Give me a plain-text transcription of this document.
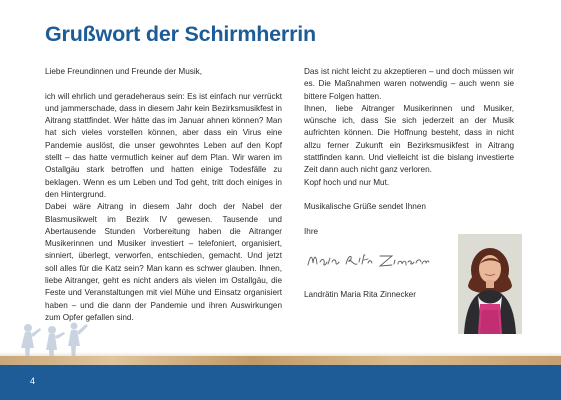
Grußwort der Schirmherrin

Liebe Freundinnen und Freunde der Musik,

ich will ehrlich und geradeheraus sein: Es ist einfach nur verrückt und jammerschade, dass in diesem Jahr kein Bezirksmusikfest in Aitrang stattfindet. Wer hätte das im Januar ahnen können? Man hat sich vieles vorstellen können, aber dass ein Virus eine Pandemie auslöst, die unser gewohntes Leben auf den Kopf stellt – das hatte vermutlich keiner auf dem Plan. Wir waren im Ostallgäu stark betroffen und hatten einige Todesfälle zu beklagen. Wenn es um Leben und Tod geht, tritt doch einiges in den Hintergrund.

Dabei wäre Aitrang in diesem Jahr doch der Nabel der Blasmusikwelt im Bezirk IV gewesen. Tausende und Abertausende Stunden Vorbereitung haben die Aitranger Musikerinnen und Musiker investiert – telefoniert, organisiert, sinniert, überlegt, verworfen, entschieden, gemacht. Und jetzt soll alles für die Katz sein? Man kann es schwer glauben. Ihnen, liebe Aitranger, geht es nicht anders als vielen im Ostallgäu, die Feste und Veranstaltungen mit viel Mühe und Einsatz organisiert haben – und die dann der Pandemie und ihren Auswirkungen zum Opfer gefallen sind.

Das ist nicht leicht zu akzeptieren – und doch müssen wir es. Die Maßnahmen waren notwendig – auch wenn sie bittere Folgen hatten.

Ihnen, liebe Aitranger Musikerinnen und Musiker, wünsche ich, dass Sie sich jederzeit an der Musik aufrichten können. Die Hoffnung besteht, dass in nicht allzu ferner Zukunft ein Bezirksmusikfest in Aitrang stattfinden kann. Und vielleicht ist die bislang investierte Zeit dann auch nicht ganz verloren.

Kopf hoch und nur Mut.

Musikalische Grüße sendet Ihnen

Ihre

Landrätin Maria Rita Zinnecker
4
